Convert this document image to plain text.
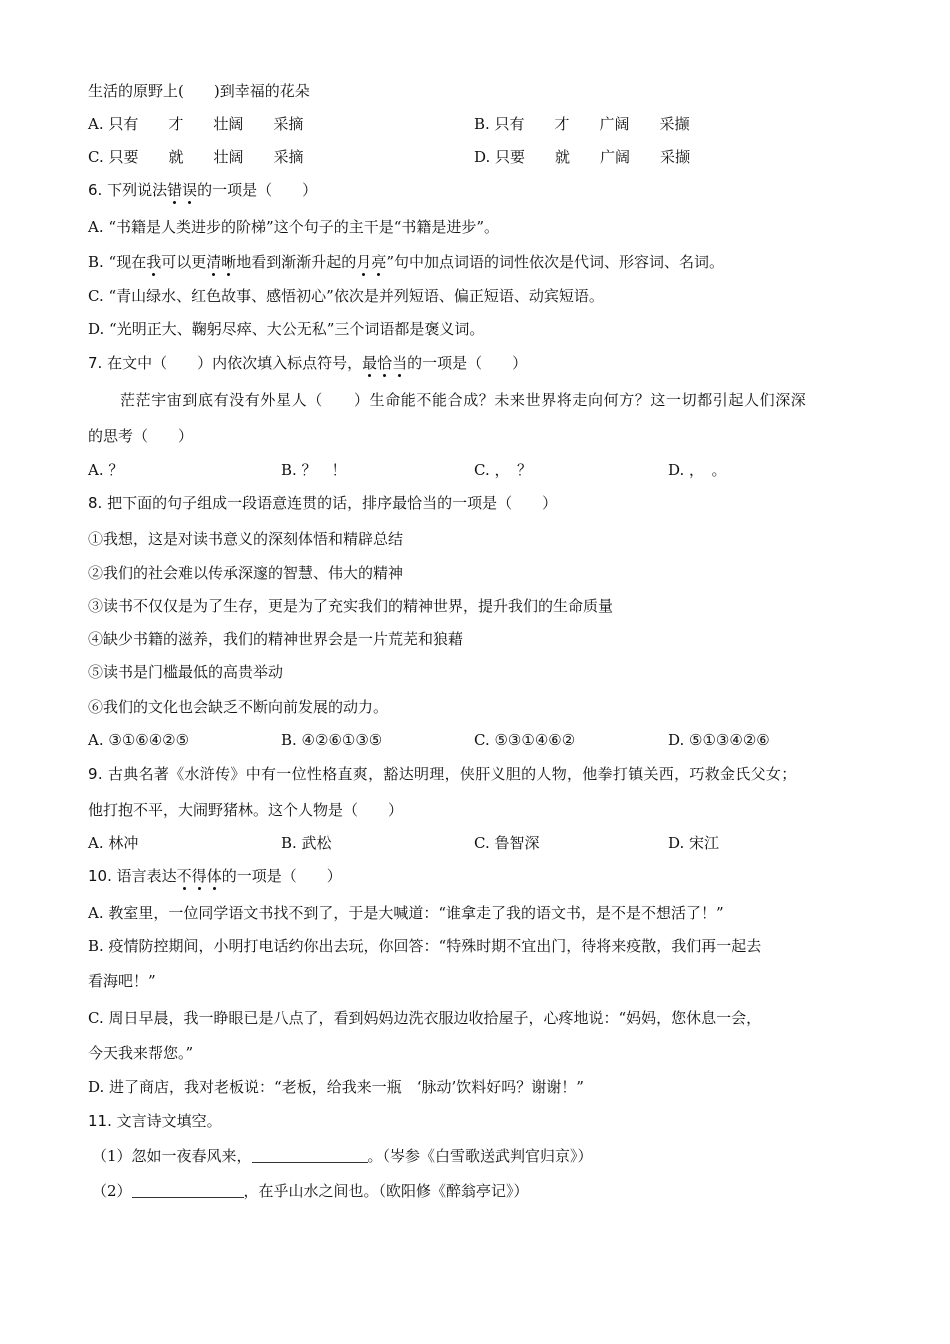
生活的原野上(　　)到幸福的花朵
A. 只有　　才　　壮阔　　采摘	B. 只有　　才　　广阔　　采撷
C. 只要　　就　　壮阔　　采摘	D. 只要　　就　　广阔　　采撷
6. 下列说法错误的一项是（　　）
A. “书籍是人类进步的阶梯”这个句子的主干是“书籍是进步”。
B. “现在我可以更清晰地看到渐渐升起的月亮”句中加点词语的词性依次是代词、形容词、名词。
C. “青山绿水、红色故事、感悟初心”依次是并列短语、偏正短语、动宾短语。
D. “光明正大、鞠躬尽瘁、大公无私”三个词语都是褒义词。
7. 在文中（　　）内依次填入标点符号，最恰当的一项是（　　）
茫茫宇宙到底有没有外星人（　　）生命能不能合成？未来世界将走向何方？这一切都引起人们深深
的思考（　　）
A. ？	B. ？　！	C. ，　？	D. ，　。
8. 把下面的句子组成一段语意连贯的话，排序最恰当的一项是（　　）
①我想，这是对读书意义的深刻体悟和精辟总结
②我们的社会难以传承深邃的智慧、伟大的精神
③读书不仅仅是为了生存，更是为了充实我们的精神世界，提升我们的生命质量
④缺少书籍的滋养，我们的精神世界会是一片荒芜和狼藉
⑤读书是门槛最低的高贵举动
⑥我们的文化也会缺乏不断向前发展的动力。
A. ③①⑥④②⑤	B. ④②⑥①③⑤	C. ⑤③①④⑥②	D. ⑤①③④②⑥
9. 古典名著《水浒传》中有一位性格直爽，豁达明理，侠肝义胆的人物，他拳打镇关西，巧救金氏父女；
他打抱不平，大闹野猪林。这个人物是（　　）
A. 林冲	B. 武松	C. 鲁智深	D. 宋江
10. 语言表达不得体的一项是（　　）
A. 教室里，一位同学语文书找不到了，于是大喊道：“谁拿走了我的语文书，是不是不想活了！”
B. 疫情防控期间，小明打电话约你出去玩，你回答：“特殊时期不宜出门，待将来疫散，我们再一起去
看海吧！”
C. 周日早晨，我一睁眼已是八点了，看到妈妈边洗衣服边收拾屋子，心疼地说：“妈妈，您休息一会，
今天我来帮您。”
D. 进了商店，我对老板说：“老板，给我来一瓶　‘脉动’饮料好吗？谢谢！”
11. 文言诗文填空。
（1）忽如一夜春风来，	。（岑参《白雪歌送武判官归京》）
（2）	，在乎山水之间也。（欧阳修《醉翁亭记》）
